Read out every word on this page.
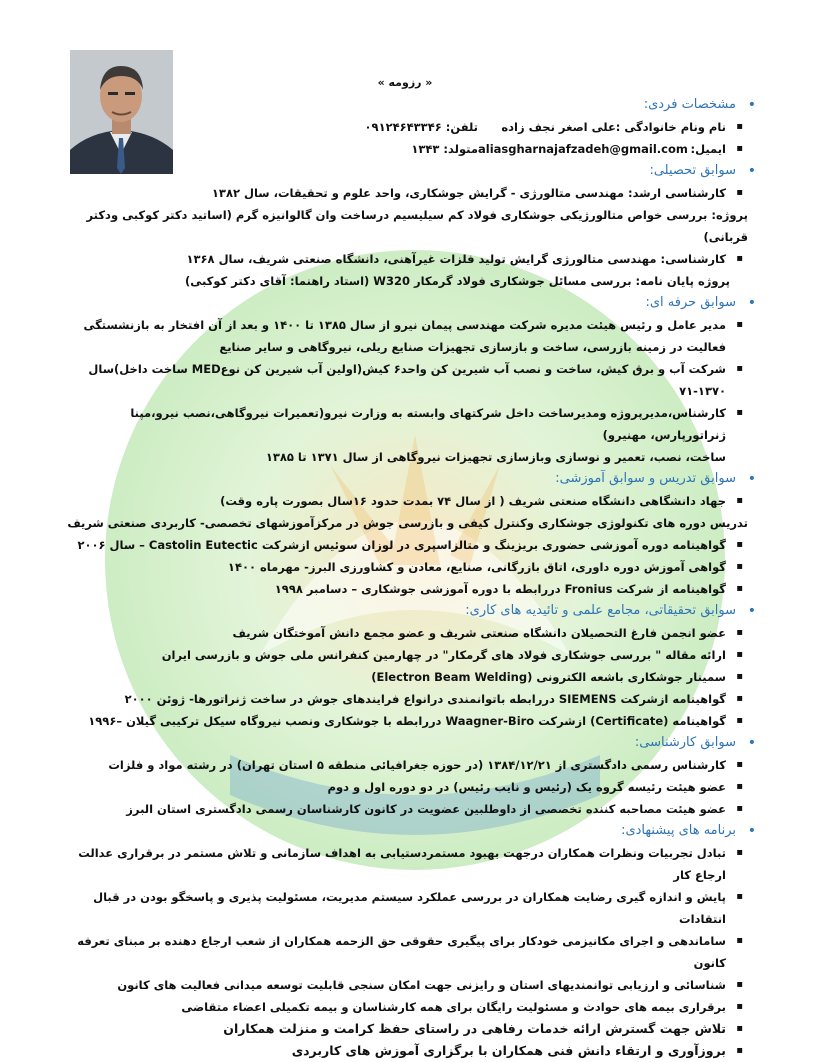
« رزومه »
• مشخصات فردی:
▪ نام ونام خانوادگی :علی اصغر نجف زاده
تلفن: ۰۹۱۲۴۶۴۳۳۴۶
▪ ایمیل:
aliasgharnajafzadeh@gmail.com
متولد: ۱۳۴۳
• سوابق تحصیلی:
▪ کارشناسی ارشد: مهندسی متالورژی - گرایش جوشکاری، واحد علوم و تحقیقات، سال ۱۳۸۲
پروژه: بررسی خواص متالورژیکی جوشکاری فولاد کم سیلیسیم درساخت وان گالوانیزه گرم (اساتید دکتر کوکبی ودکتر قربانی)
▪ کارشناسی: مهندسی متالورژی گرایش تولید فلزات غیرآهنی، دانشگاه صنعتی شریف، سال ۱۳۶۸
پروژه پایان نامه: بررسی مسائل جوشکاری فولاد گرمکار W320 (استاد راهنما: آقای دکتر کوکبی)
• سوابق حرفه ای:
▪ مدیر عامل و رئیس هیئت مدیره شرکت مهندسی پیمان نیرو از سال ۱۳۸۵ تا ۱۴۰۰ و بعد از آن افتخار به بازنشستگی
فعالیت در زمینه بازرسی، ساخت و بازسازی تجهیزات صنایع ریلی، نیروگاهی و سایر صنایع
▪ شرکت آب و برق کیش، ساخت و نصب آب شیرین کن واحد۶ کیش(اولین آب شیرین کن نوعMED ساخت داخل)سال ۱۳۷۰-۷۱
▪ کارشناس،مدیرپروژه ومدیرساخت داخل شرکتهای وابسته به وزارت نیرو(تعمیرات نیروگاهی،نصب نیرو،مپنا ژنراتورپارس، مهنیرو)
ساخت، نصب، تعمیر و نوسازی وبازسازی تجهیزات نیروگاهی از سال ۱۳۷۱ تا ۱۳۸۵
• سوابق تدریس و سوابق آموزشی:
▪ جهاد دانشگاهی دانشگاه صنعتی شریف ( از سال ۷۴ بمدت حدود ۱۶سال بصورت پاره وقت)
تدریس دوره های تکنولوژی جوشکاری وکنترل کیفی و بازرسی جوش در مرکزآموزشهای تخصصی- کاربردی صنعتی شریف
▪ گواهینامه دوره آموزشی حضوری بریزینگ و متالزاسپری در لوزان سوئیس ازشرکت Castolin Eutectic – سال ۲۰۰۶
▪ گواهی آموزش دوره داوری، اتاق بازرگانی، صنایع، معادن و کشاورزی البرز- مهرماه ۱۴۰۰
▪ گواهینامه از شرکت Fronius دررابطه با دوره آموزشی جوشکاری – دسامبر ۱۹۹۸
• سوابق تحقیقاتی، مجامع علمی و تائیدیه های کاری:
▪ عضو انجمن فارغ التحصیلان دانشگاه صنعتی شریف و عضو مجمع دانش آموختگان شریف
▪ ارائه مقاله " بررسی جوشکاری فولاد های گرمکار" در چهارمین کنفرانس ملی جوش و بازرسی ایران
▪ سمینار جوشکاری باشعه الکترونی (Electron Beam Welding)
▪ گواهینامه ازشرکت SIEMENS دررابطه باتوانمندی درانواع فرایندهای جوش در ساخت ژنراتورها- ژوئن ۲۰۰۰
▪ گواهینامه (Certificate) ازشرکت Waagner-Biro دررابطه با جوشکاری ونصب نیروگاه سیکل ترکیبی گیلان –۱۹۹۶
• سوابق کارشناسی:
▪ کارشناس رسمی دادگستری از ۱۳۸۴/۱۲/۲۱ (در حوزه جغرافیائی منطقه ۵ استان تهران) در رشته مواد و فلزات
▪ عضو هیئت رئیسه گروه یک (رئیس و نایب رئیس) در دو دوره اول و دوم
▪ عضو هیئت مصاحبه کننده تخصصی از داوطلبین عضویت در کانون کارشناسان رسمی دادگستری استان البرز
• برنامه های پیشنهادی:
▪ تبادل تجربیات ونظرات همکاران درجهت بهبود مستمردستیابی به اهداف سازمانی و تلاش مستمر در برقراری عدالت ارجاع کار
▪ پایش و اندازه گیری رضایت همکاران در بررسی عملکرد سیستم مدیریت، مسئولیت پذیری و پاسخگو بودن در قبال انتقادات
▪ ساماندهی و اجرای مکانیزمی خودکار برای پیگیری حقوقی حق الزحمه همکاران از شعب ارجاع دهنده بر مبنای تعرفه کانون
▪ شناسائی و ارزیابی توانمندیهای استان و رایزنی جهت امکان سنجی قابلیت توسعه میدانی فعالیت های کانون
▪ برقراری بیمه های حوادث و مسئولیت رایگان برای همه کارشناسان و بیمه تکمیلی اعضاء متقاضی
▪ تلاش جهت گسترش ارائه خدمات رفاهی در راستای حفظ کرامت و منزلت همکاران
▪ بروزآوری و ارتقاء دانش فنی همکاران با برگزاری آموزش های کاربردی
